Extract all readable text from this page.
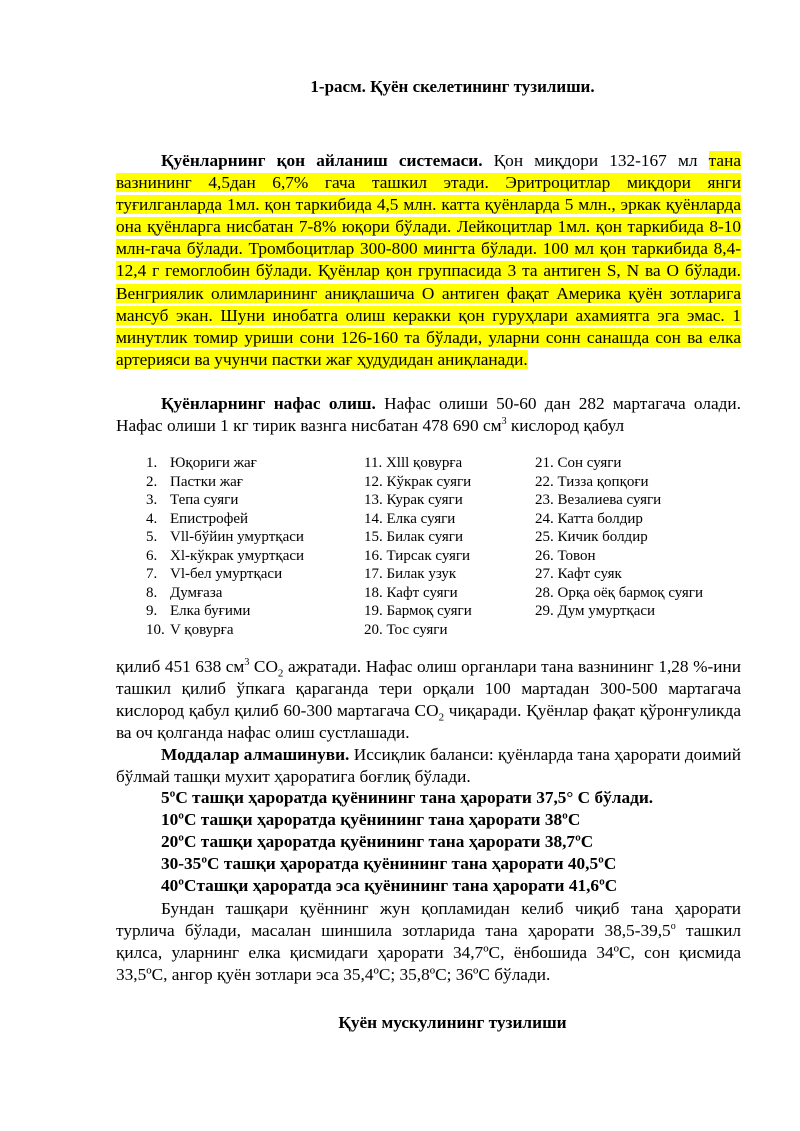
1-расм. Қуён скелетининг тузилиши.

Қуёнларнинг қон айланиш системаси. Қон миқдори 132-167 мл тана вазнининг 4,5дан 6,7% гача ташкил этади. Эритроцитлар миқдори янги туғилганларда 1мл. қон таркибида 4,5 млн. катта қуёнларда 5 млн., эркак қуёнларда она қуёнларга нисбатан 7-8% юқори бўлади. Лейкоцитлар 1мл. қон таркибида 8-10 млн-гача бўлади. Тромбоцитлар 300-800 мингта бўлади. 100 мл қон таркибида 8,4-12,4 г гемоглобин бўлади. Қуёнлар қон группасида 3 та антиген S, N ва O бўлади. Венгриялик олимларининг аниқлашича O антиген фақат Америка қуён зотларига мансуб экан. Шуни инобатга олиш керакки қон гуруҳлари ахамиятга эга эмас. 1 минутлик томир уриши сони 126-160 та бўлади, уларни сонн санашда сон ва елка артерияси ва учунчи пастки жағ ҳудудидан аниқланади.

Қуёнларнинг нафас олиш. Нафас олиши 50-60 дан 282 мартагача олади. Нафас олиши 1 кг тирик вазнга нисбатан 478 690 $см^3$ кислород қабул

1. Юқориги жағ
2. Пастки жағ
3. Тепа суяги
4. Епистрофей
5. Vll-бўйин умуртқаси
6. Xl-кўкрак умуртқаси
7. Vl-бел умуртқаси
8. Думғаза
9. Елка буғими
10. V қовурға
11. Xlll қовурға
12. Кўкрак суяги
13. Курак суяги
14. Елка суяги
15. Билак суяги
16. Тирсак суяги
17. Билак узук
18. Кафт суяги
19. Бармоқ суяги
20. Тос суяги
21. Сон суяги
22. Тизза қопқоғи
23. Везалиева суяги
24. Катта болдир
25. Кичик болдир
26. Товон
27. Кафт суяк
28. Орқа оёқ бармоқ суяги
29. Дум умуртқаси

қилиб 451 638 $см^3$ $CO_2$ ажратади. Нафас олиш органлари тана вазнининг 1,28 %-ини ташкил қилиб ўпкага қараганда тери орқали 100 мартадан 300-500 мартагача кислород қабул қилиб 60-300 мартагача $CO_2$ чиқаради. Қуёнлар фақат қўронғуликда ва оч қолганда нафас олиш сустлашади.

Моддалар алмашинуви. Иссиқлик баланси: қуёнларда тана ҳарорати доимий бўлмай ташқи мухит ҳароратига боғлиқ бўлади.

5ºC ташқи ҳароратда қуёнининг тана ҳарорати 37,5° C бўлади.
10ºC ташқи ҳароратда қуёнининг тана ҳарорати 38ºC
20ºC ташқи ҳароратда қуёнининг тана ҳарорати 38,7ºC
30-35ºC ташқи ҳароратда қуёнининг тана ҳарорати 40,5ºC
40ºCташқи ҳароратда эса қуёнининг тана ҳарорати 41,6ºC

Бундан ташқари қуённинг жун қопламидан келиб чиқиб тана ҳарорати турлича бўлади, масалан шиншила зотларида тана ҳарорати $38,5-39,5^о$ ташкил қилса, уларнинг елка қисмидаги ҳарорати 34,7ºC, ёнбошида 34ºC, сон қисмида 33,5ºC, ангор қуён зотлари эса 35,4ºC; 35,8ºC; 36ºC бўлади.

Қуён мускулининг тузилиши
